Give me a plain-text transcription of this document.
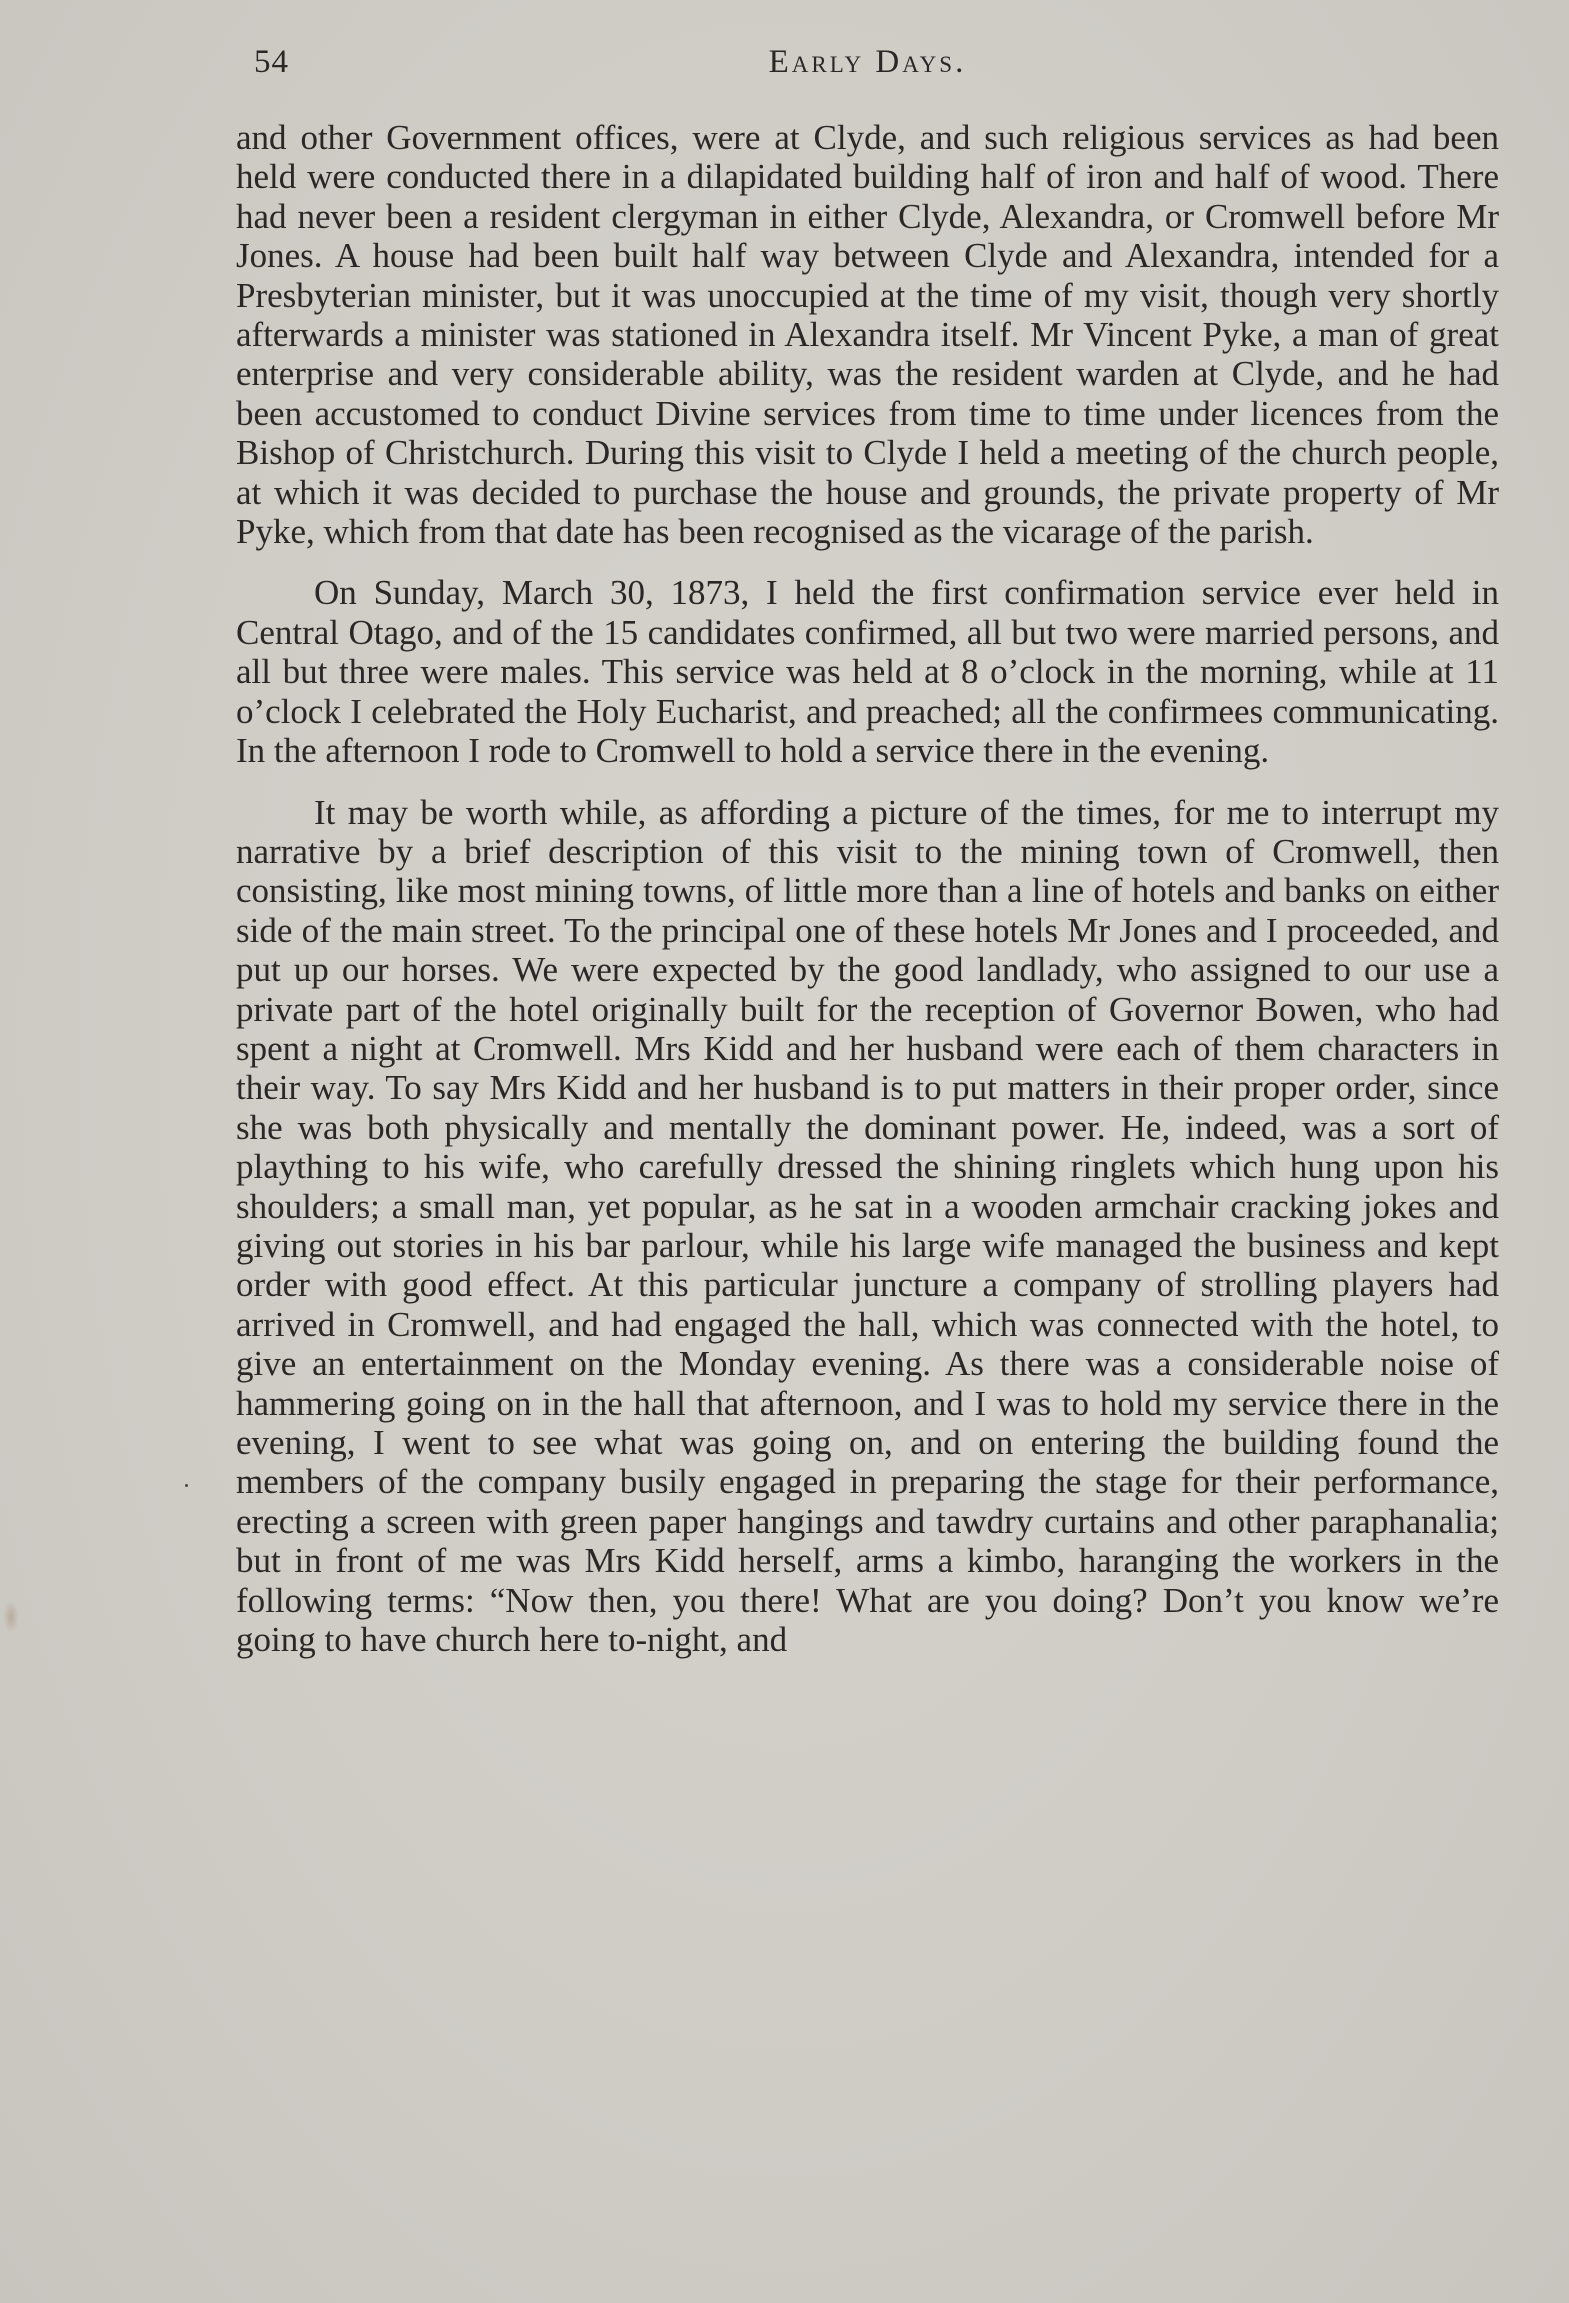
54	Early Days.

and other Government offices, were at Clyde, and such religious services as had been held were conducted there in a dilapidated building half of iron and half of wood. There had never been a resident clergyman in either Clyde, Alexandra, or Cromwell before Mr Jones. A house had been built half way between Clyde and Alexandra, intended for a Presbyterian minister, but it was unoccupied at the time of my visit, though very shortly afterwards a minister was stationed in Alexandra itself. Mr Vincent Pyke, a man of great enterprise and very considerable ability, was the resident warden at Clyde, and he had been accustomed to conduct Divine services from time to time under licences from the Bishop of Christchurch. During this visit to Clyde I held a meeting of the church people, at which it was decided to purchase the house and grounds, the private property of Mr Pyke, which from that date has been recognised as the vicarage of the parish.

On Sunday, March 30, 1873, I held the first confirmation service ever held in Central Otago, and of the 15 candidates confirmed, all but two were married persons, and all but three were males. This service was held at 8 o’clock in the morning, while at 11 o’clock I celebrated the Holy Eucharist, and preached; all the confirmees communicating. In the afternoon I rode to Cromwell to hold a service there in the evening.

It may be worth while, as affording a picture of the times, for me to interrupt my narrative by a brief description of this visit to the mining town of Cromwell, then consisting, like most mining towns, of little more than a line of hotels and banks on either side of the main street. To the principal one of these hotels Mr Jones and I proceeded, and put up our horses. We were expected by the good landlady, who assigned to our use a private part of the hotel originally built for the reception of Governor Bowen, who had spent a night at Cromwell. Mrs Kidd and her husband were each of them characters in their way. To say Mrs Kidd and her husband is to put matters in their proper order, since she was both physically and mentally the dominant power. He, indeed, was a sort of plaything to his wife, who carefully dressed the shining ringlets which hung upon his shoulders; a small man, yet popular, as he sat in a wooden armchair cracking jokes and giving out stories in his bar parlour, while his large wife managed the business and kept order with good effect. At this particular juncture a company of strolling players had arrived in Cromwell, and had engaged the hall, which was connected with the hotel, to give an entertainment on the Monday evening. As there was a considerable noise of hammering going on in the hall that afternoon, and I was to hold my service there in the evening, I went to see what was going on, and on entering the building found the members of the company busily engaged in preparing the stage for their performance, erecting a screen with green paper hangings and tawdry curtains and other paraphanalia; but in front of me was Mrs Kidd herself, arms a kimbo, haranging the workers in the following terms: “Now then, you there! What are you doing? Don’t you know we’re going to have church here to-night, and
